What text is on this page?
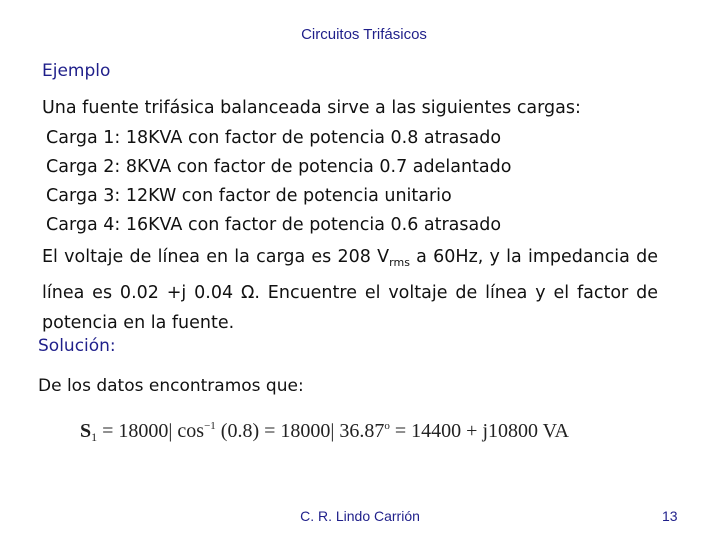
Circuitos Trifásicos
Ejemplo
Una fuente trifásica balanceada sirve a las siguientes cargas:
Carga 1: 18KVA con factor de potencia 0.8 atrasado
Carga 2: 8KVA con factor de potencia 0.7 adelantado
Carga 3: 12KW con factor de potencia unitario
Carga 4: 16KVA con factor de potencia 0.6 atrasado
El voltaje de línea en la carga es 208 $V_{rms}$ a 60Hz, y la impedancia de línea es 0.02 +j 0.04 Ω. Encuentre el voltaje de línea y el factor de potencia en la fuente.
Solución:
De los datos encontramos que:
$S_1 = 18000|$ $\cos^{-1} (0.8) = 18000|$ $36.87^o = 14400 + j10800$ VA
C. R. Lindo Carrión	13
